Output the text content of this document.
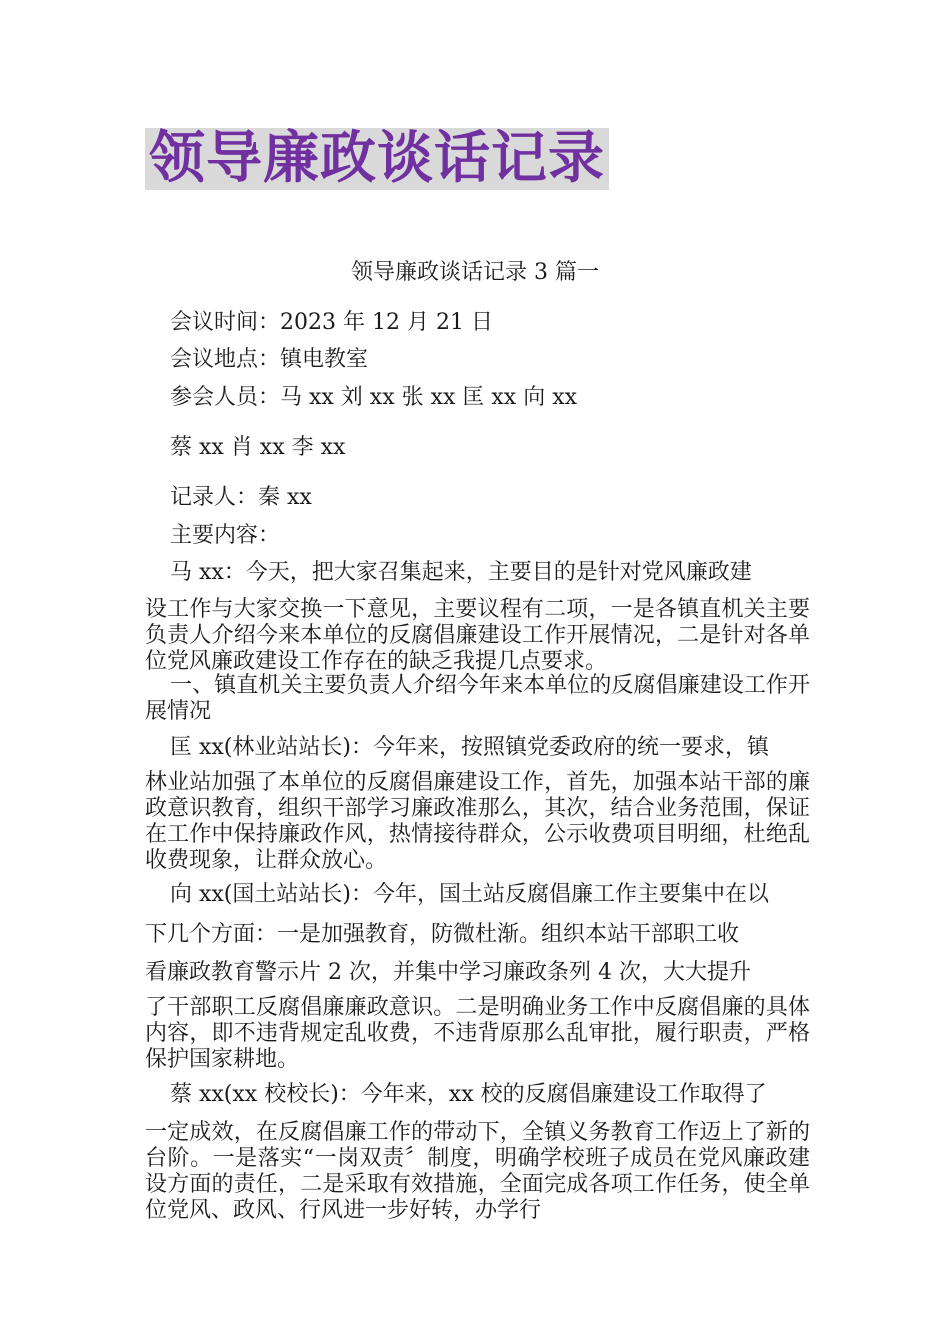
领导廉政谈话记录

领导廉政谈话记录 3 篇一

会议时间：2023 年 12 月 21 日

会议地点：镇电教室

参会人员：马 xx 刘 xx 张 xx 匡 xx 向 xx

蔡 xx 肖 xx 李 xx

记录人：秦 xx

主要内容：

马 xx：今天，把大家召集起来，主要目的是针对党风廉政建

设工作与大家交换一下意见，主要议程有二项，一是各镇直机关主要负责人介绍今来本单位的反腐倡廉建设工作开展情况，二是针对各单位党风廉政建设工作存在的缺乏我提几点要求。

一、镇直机关主要负责人介绍今年来本单位的反腐倡廉建设工作开展情况

匡 xx(林业站站长)：今年来，按照镇党委政府的统一要求，镇

林业站加强了本单位的反腐倡廉建设工作，首先，加强本站干部的廉政意识教育，组织干部学习廉政准那么，其次，结合业务范围，保证在工作中保持廉政作风，热情接待群众，公示收费项目明细，杜绝乱收费现象，让群众放心。

向 xx(国土站站长)：今年，国土站反腐倡廉工作主要集中在以

下几个方面：一是加强教育，防微杜渐。组织本站干部职工收

看廉政教育警示片 2 次，并集中学习廉政条列 4 次，大大提升

了干部职工反腐倡廉廉政意识。二是明确业务工作中反腐倡廉的具体内容，即不违背规定乱收费，不违背原那么乱审批，履行职责，严格保护国家耕地。

蔡 xx(xx 校校长)：今年来，xx 校的反腐倡廉建设工作取得了

一定成效，在反腐倡廉工作的带动下，全镇义务教育工作迈上了新的台阶。一是落实“一岗双责〞制度，明确学校班子成员在党风廉政建设方面的责任，二是采取有效措施，全面完成各项工作任务，使全单位党风、政风、行风进一步好转，办学行
